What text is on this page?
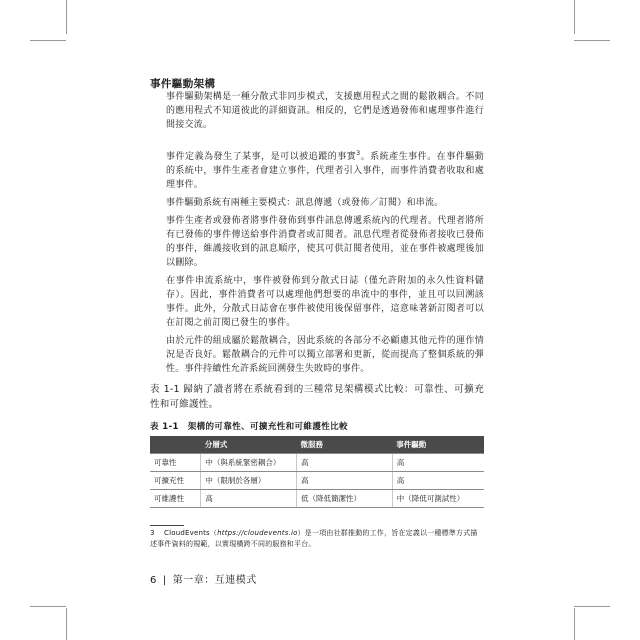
事件驅動架構

事件驅動架構是一種分散式非同步模式，支援應用程式之間的鬆散耦合。不同的應用程式不知道彼此的詳細資訊。相反的，它們是透過發佈和處理事件進行間接交流。

事件定義為發生了某事，是可以被追蹤的事實$^3$。系統產生事件。在事件驅動的系統中，事件生產者會建立事件，代理者引入事件，而事件消費者收取和處理事件。

事件驅動系統有兩種主要模式：訊息傳遞（或發佈／訂閱）和串流。

事件生產者或發佈者將事件發佈到事件訊息傳遞系統內的代理者。代理者將所有已發佈的事件傳送給事件消費者或訂閱者。訊息代理者從發佈者接收已發佈的事件，維護接收到的訊息順序，使其可供訂閱者使用，並在事件被處理後加以刪除。

在事件串流系統中，事件被發佈到分散式日誌（僅允許附加的永久性資料儲存）。因此，事件消費者可以處理他們想要的串流中的事件，並且可以回溯該事件。此外，分散式日誌會在事件被使用後保留事件，這意味著新訂閱者可以在訂閱之前訂閱已發生的事件。

由於元件的組成屬於鬆散耦合，因此系統的各部分不必顧慮其他元件的運作情況是否良好。鬆散耦合的元件可以獨立部署和更新，從而提高了整個系統的彈性。事件持續性允許系統回溯發生失敗時的事件。

表 1-1 歸納了讀者將在系統看到的三種常見架構模式比較：可靠性、可擴充性和可維護性。

表 1-1　架構的可靠性、可擴充性和可維護性比較
	分層式	微服務	事件驅動
可靠性	中（與系統緊密耦合）	高	高
可擴充性	中（限制於各層）	高	高
可維護性	高	低（降低簡潔性）	中（降低可測試性）
3 CloudEvents（https://cloudevents.io）是一項由社群推動的工作，旨在定義以一種標準方式描述事件資料的規範，以實現橫跨不同的服務和平台。
6 | 第一章：互連模式
